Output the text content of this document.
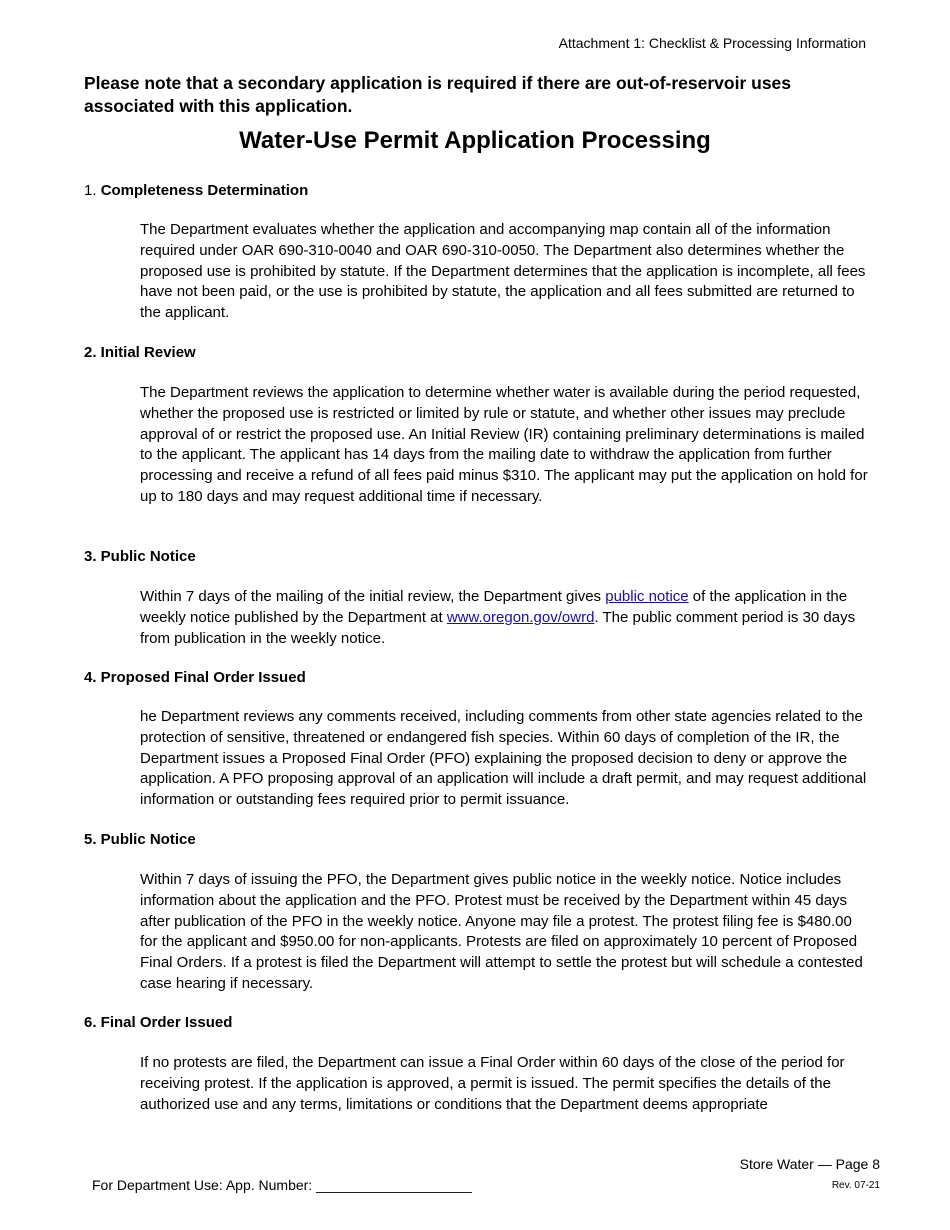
Attachment 1: Checklist & Processing Information
Please note that a secondary application is required if there are out-of-reservoir uses associated with this application.
Water-Use Permit Application Processing
1. Completeness Determination
The Department evaluates whether the application and accompanying map contain all of the information required under OAR 690-310-0040 and OAR 690-310-0050. The Department also determines whether the proposed use is prohibited by statute. If the Department determines that the application is incomplete, all fees have not been paid, or the use is prohibited by statute, the application and all fees submitted are returned to the applicant.
2. Initial Review
The Department reviews the application to determine whether water is available during the period requested, whether the proposed use is restricted or limited by rule or statute, and whether other issues may preclude approval of or restrict the proposed use. An Initial Review (IR) containing preliminary determinations is mailed to the applicant. The applicant has 14 days from the mailing date to withdraw the application from further processing and receive a refund of all fees paid minus $310. The applicant may put the application on hold for up to 180 days and may request additional time if necessary.
3. Public Notice
Within 7 days of the mailing of the initial review, the Department gives public notice of the application in the weekly notice published by the Department at www.oregon.gov/owrd. The public comment period is 30 days from publication in the weekly notice.
4. Proposed Final Order Issued
he Department reviews any comments received, including comments from other state agencies related to the protection of sensitive, threatened or endangered fish species. Within 60 days of completion of the IR, the Department issues a Proposed Final Order (PFO) explaining the proposed decision to deny or approve the application. A PFO proposing approval of an application will include a draft permit, and may request additional information or outstanding fees required prior to permit issuance.
5. Public Notice
Within 7 days of issuing the PFO, the Department gives public notice in the weekly notice. Notice includes information about the application and the PFO. Protest must be received by the Department within 45 days after publication of the PFO in the weekly notice. Anyone may file a protest. The protest filing fee is $480.00 for the applicant and $950.00 for non-applicants. Protests are filed on approximately 10 percent of Proposed Final Orders. If a protest is filed the Department will attempt to settle the protest but will schedule a contested case hearing if necessary.
6. Final Order Issued
If no protests are filed, the Department can issue a Final Order within 60 days of the close of the period for receiving protest. If the application is approved, a permit is issued. The permit specifies the details of the authorized use and any terms, limitations or conditions that the Department deems appropriate
Store Water — Page 8
For Department Use: App. Number: ____________________	Rev. 07-21
